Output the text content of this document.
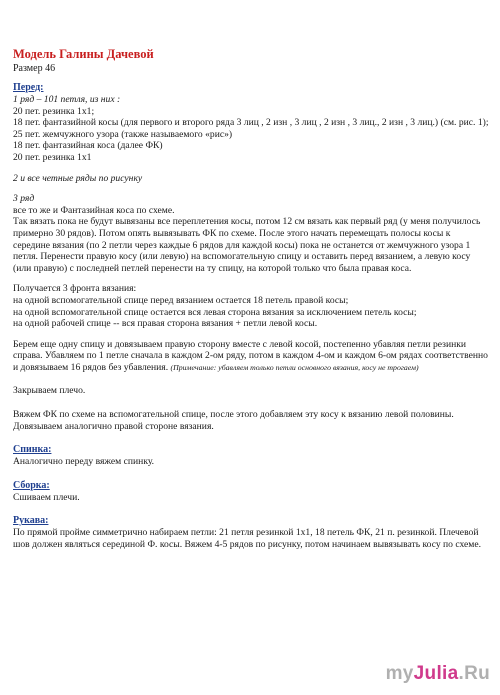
Модель Галины Дачевой
Размер 46
Перед:
1 ряд – 101 петля, из них :
20 пет. резинка 1х1;
18 пет. фантазийной косы (для первого и второго ряда 3 лиц , 2 изн , 3 лиц , 2 изн , 3 лиц., 2 изн , 3 лиц.) (см. рис. 1);
25 пет. жемчужного узора (также называемого «рис»)
18 пет. фантазийная коса (далее ФК)
20 пет. резинка 1х1
2 и все четные ряды по рисунку
3 ряд
все то же и Фантазийная коса по схеме.
Так вязать пока не будут вывязаны все переплетения косы, потом 12 см вязать как первый ряд (у меня получилось примерно 30 рядов). Потом опять вывязывать ФК по схеме. После этого начать перемещать полосы косы к середине вязания (по 2 петли через каждые 6 рядов для каждой косы) пока не останется от жемчужного узора 1 петля. Перенести правую косу (или левую) на вспомогательную спицу и оставить перед вязанием, а левую косу (или правую) с последней петлей перенести на ту спицу, на которой только что была правая коса.
Получается 3 фронта вязания:
на одной вспомогательной спице перед вязанием остается 18 петель правой косы;
на одной вспомогательной спице остается вся левая сторона вязания за исключением петель косы;
на одной рабочей спице -- вся правая сторона вязания + петли левой косы.
Берем еще одну спицу и довязываем правую сторону вместе с левой косой, постепенно убавляя петли резинки справа. Убавляем по 1 петле сначала в каждом 2-ом ряду, потом в каждом 4-ом и каждом 6-ом рядах соответственно и довязываем 16 рядов без убавления. (Примечание: убавляем только петли основного вязания, косу не трогаем)
Закрываем плечо.
Вяжем ФК по схеме на вспомогательной спице, после этого добавляем эту косу к вязанию левой половины. Довязываем аналогично правой стороне вязания.
Спинка:
Аналогично переду вяжем спинку.
Сборка:
Сшиваем плечи.
Рукава:
По прямой пройме симметрично набираем петли: 21 петля резинкой 1х1, 18 петель ФК, 21 п. резинкой. Плечевой шов должен являться серединой Ф. косы. Вяжем 4-5 рядов по рисунку, потом начинаем вывязывать косу по схеме.
myJulia.Ru
